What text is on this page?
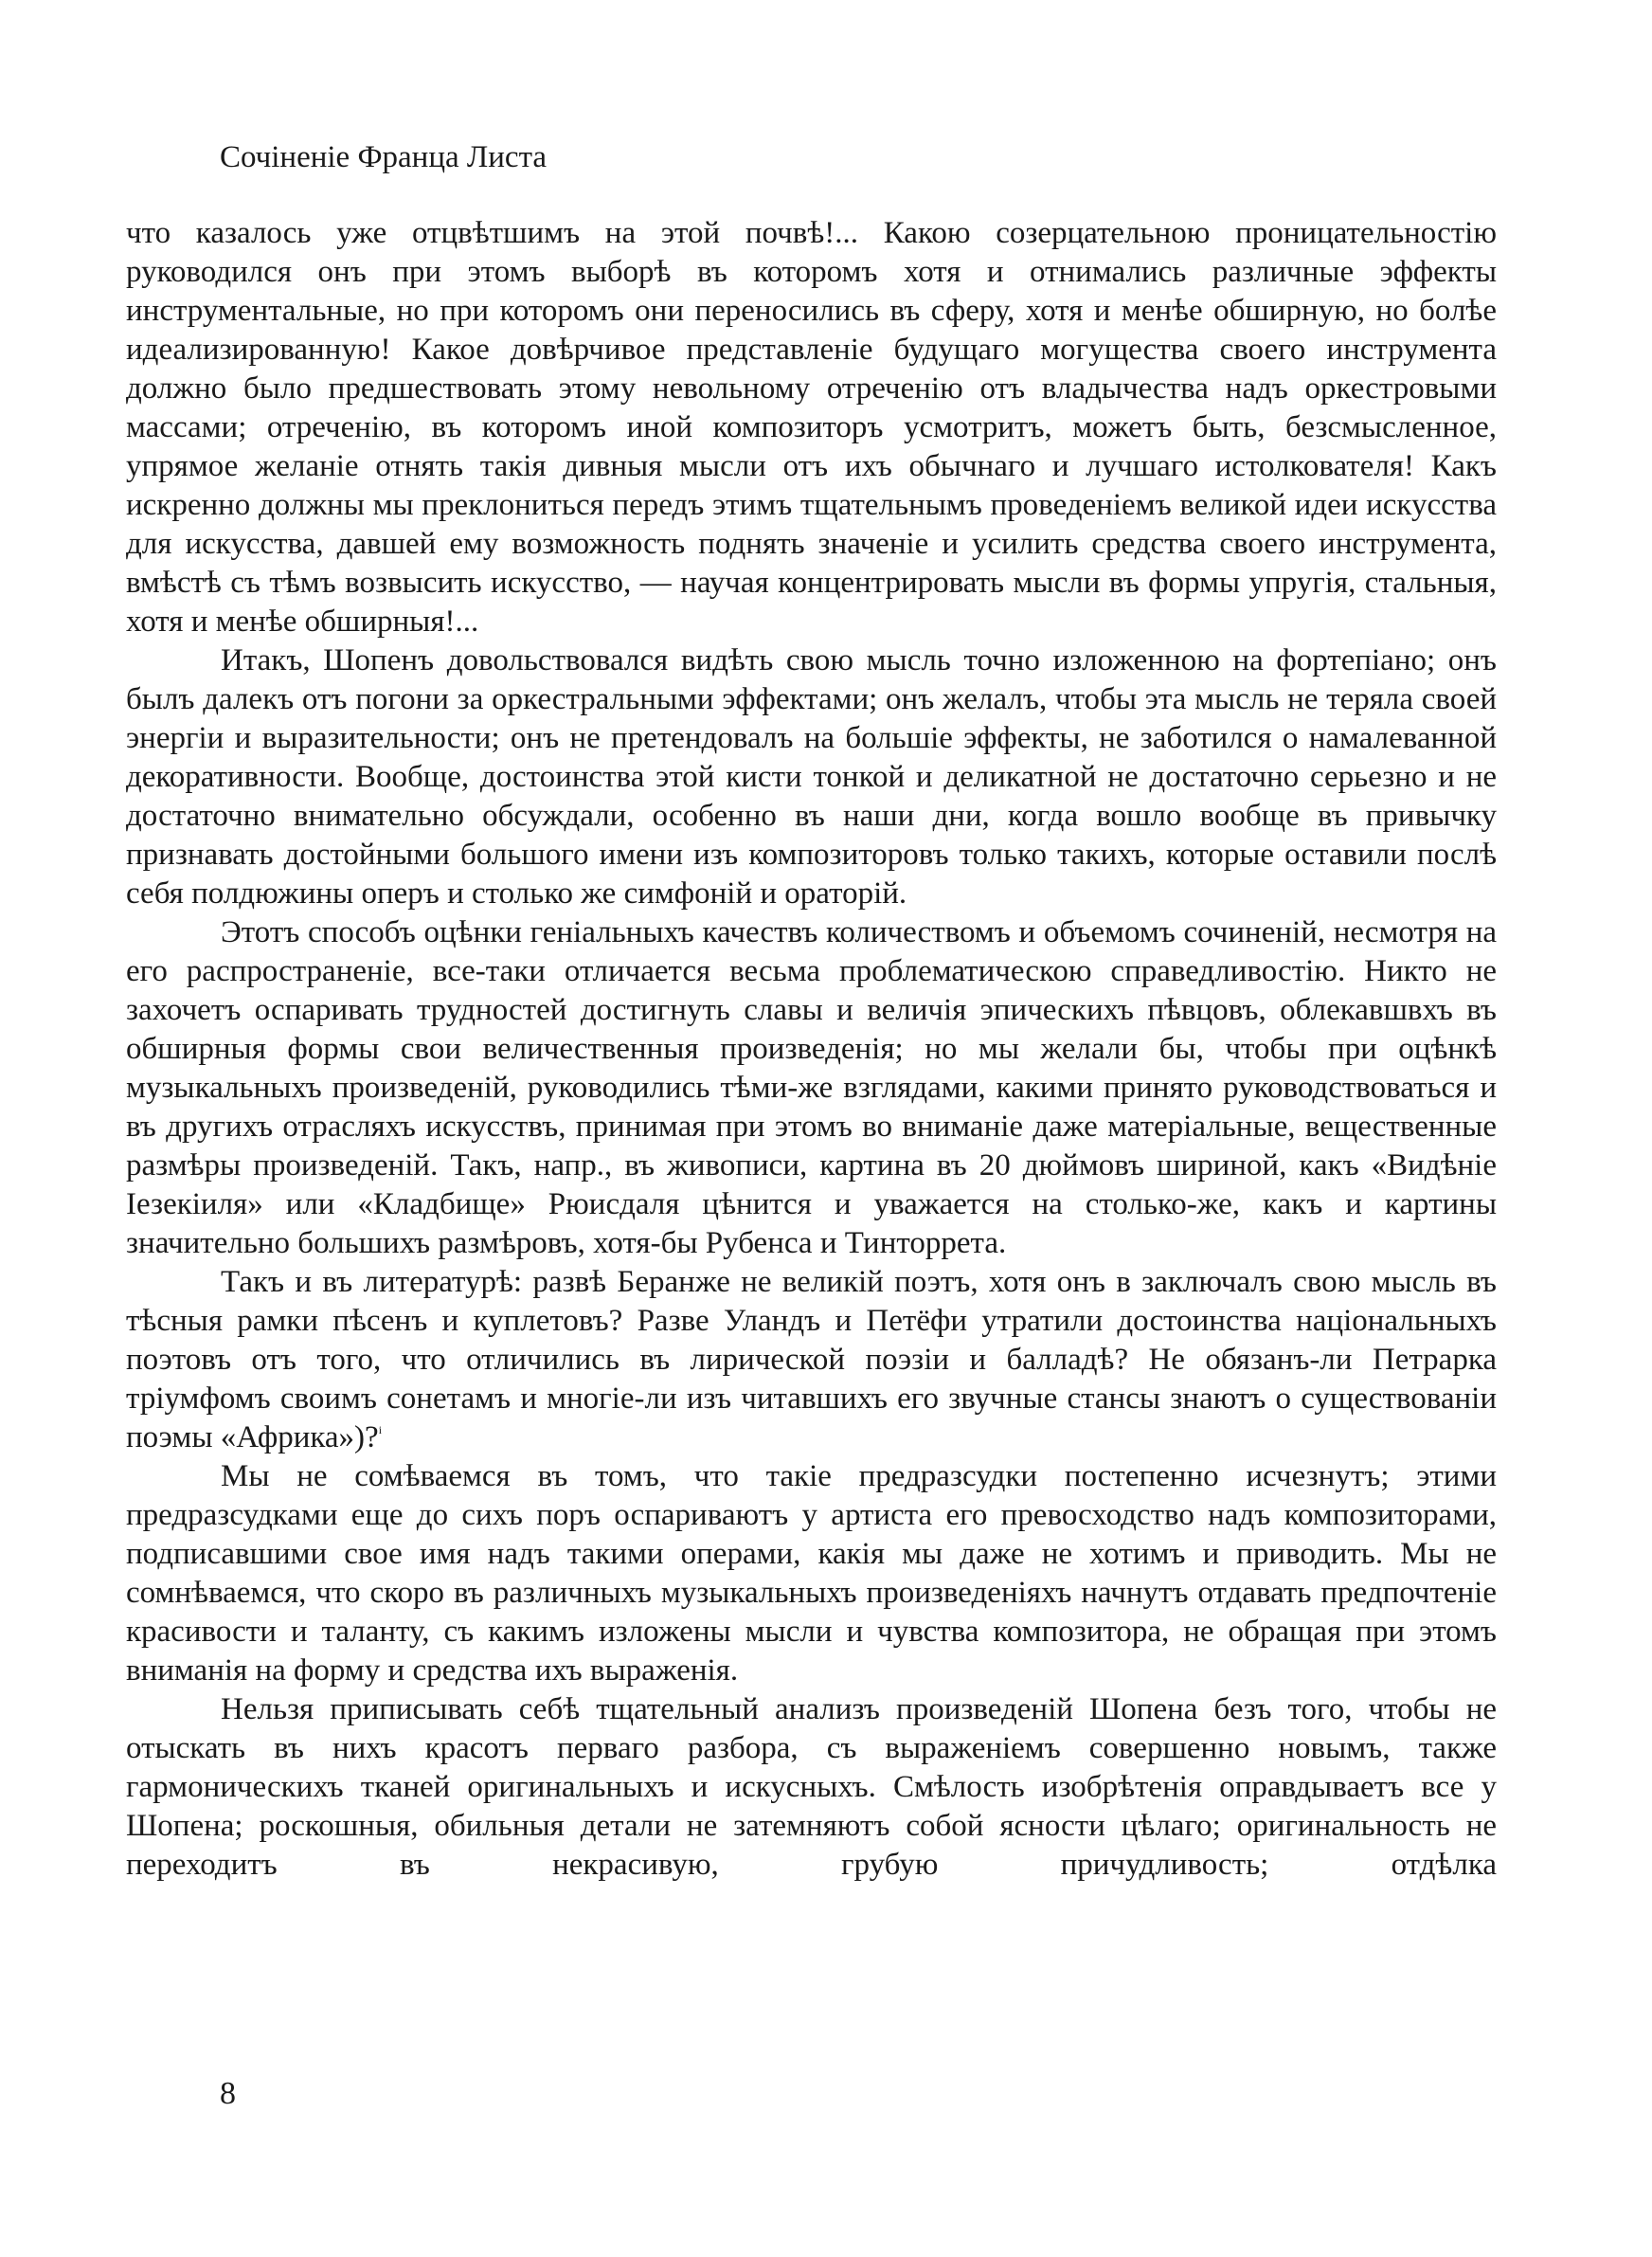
Сочiненiе Франца Листа

что казалось уже отцвѣтшимъ на этой почвѣ!... Какою созерцательною проницательностiю руководился онъ при этомъ выборѣ въ которомъ хотя и отнимались различные эффекты инструментальные, но при которомъ они переносились въ сферу, хотя и менѣе обширную, но болѣе идеализированную! Какое довѣрчивое представленiе будущаго могущества своего инструмента должно было предшествовать этому невольному отреченiю отъ владычества надъ оркестровыми массами; отреченiю, въ которомъ иной композиторъ усмотритъ, можетъ быть, безсмысленное, упрямое желанiе отнять такiя дивныя мысли отъ ихъ обычнаго и лучшаго истолкователя! Какъ искренно должны мы преклониться передъ этимъ тщательнымъ проведенiемъ великой идеи искусства для искусства, давшей ему возможность поднять значенiе и усилить средства своего инструмента, вмѣстѣ съ тѣмъ возвысить искусство, — научая концентрировать мысли въ формы упругiя, стальныя, хотя и менѣе обширныя!...

Итакъ, Шопенъ довольствовался видѣть свою мысль точно изложенною на фортепiано; онъ былъ далекъ отъ погони за оркестральными эффектами; онъ желалъ, чтобы эта мысль не теряла своей энергiи и выразительности; онъ не претендовалъ на большiе эффекты, не заботился о намалеванной декоративности. Вообще, достоинства этой кисти тонкой и деликатной не достаточно серьезно и не достаточно внимательно обсуждали, особенно въ наши дни, когда вошло вообще въ привычку признавать достойными большого имени изъ композиторовъ только такихъ, которые оставили послѣ себя полдюжины оперъ и столько же симфонiй и ораторiй.

Этотъ способъ оцѣнки генiальныхъ качествъ количествомъ и объемомъ сочиненiй, несмотря на его распространенiе, все-таки отличается весьма проблематическою справедливостiю. Никто не захочетъ оспаривать трудностей достигнуть славы и величiя эпическихъ пѣвцовъ, облекавшвхъ въ обширныя формы свои величественныя произведенiя; но мы желали бы, чтобы при оцѣнкѣ музыкальныхъ произведенiй, руководились тѣми-же взглядами, какими принято руководствоваться и въ другихъ отрасляхъ искусствъ, принимая при этомъ во вниманiе даже матерiальные, вещественные размѣры произведенiй. Такъ, напр., въ живописи, картина въ 20 дюймовъ шириной, какъ «Видѣнiе Iезекiиля» или «Кладбище» Рюисдаля цѣнится и уважается на столько-же, какъ и картины значительно большихъ размѣровъ, хотя-бы Рубенса и Тинторрета.

Такъ и въ литературѣ: развѣ Беранже не великiй поэтъ, хотя онъ в заключалъ свою мысль въ тѣсныя рамки пѣсенъ и куплетовъ? Разве Уландъ и Петёфи утратили достоинства нацiональныхъ поэтовъ отъ того, что отличились въ лирической поэзiи и балладѣ? Не обязанъ-ли Петрарка трiумфомъ своимъ сонетамъ и многiе-ли изъ читавшихъ его звучные стансы знаютъ о существованiи поэмы «Африка»)?$^i$

Мы не сомѣваемся въ томъ, что такiе предразсудки постепенно исчезнутъ; этими предразсудками еще до сихъ поръ оспариваютъ у артиста его превосходство надъ композиторами, подписавшими свое имя надъ такими операми, какiя мы даже не хотимъ и приводить. Мы не сомнѣваемся, что скоро въ различныхъ музыкальныхъ произведенiяхъ начнутъ отдавать предпочтенiе красивости и таланту, съ какимъ изложены мысли и чувства композитора, не обращая при этомъ вниманiя на форму и средства ихъ выраженiя.

Нельзя приписывать себѣ тщательный анализъ произведенiй Шопена безъ того, чтобы не отыскать въ нихъ красотъ перваго разбора, съ выраженiемъ совершенно новымъ, также гармоническихъ тканей оригинальныхъ и искусныхъ. Смѣлость изобрѣтенiя оправдываетъ все у Шопена; роскошныя, обильныя детали не затемняютъ собой ясности цѣлаго; оригинальность не переходитъ въ некрасивую, грубую причудливость; отдѣлка

8
